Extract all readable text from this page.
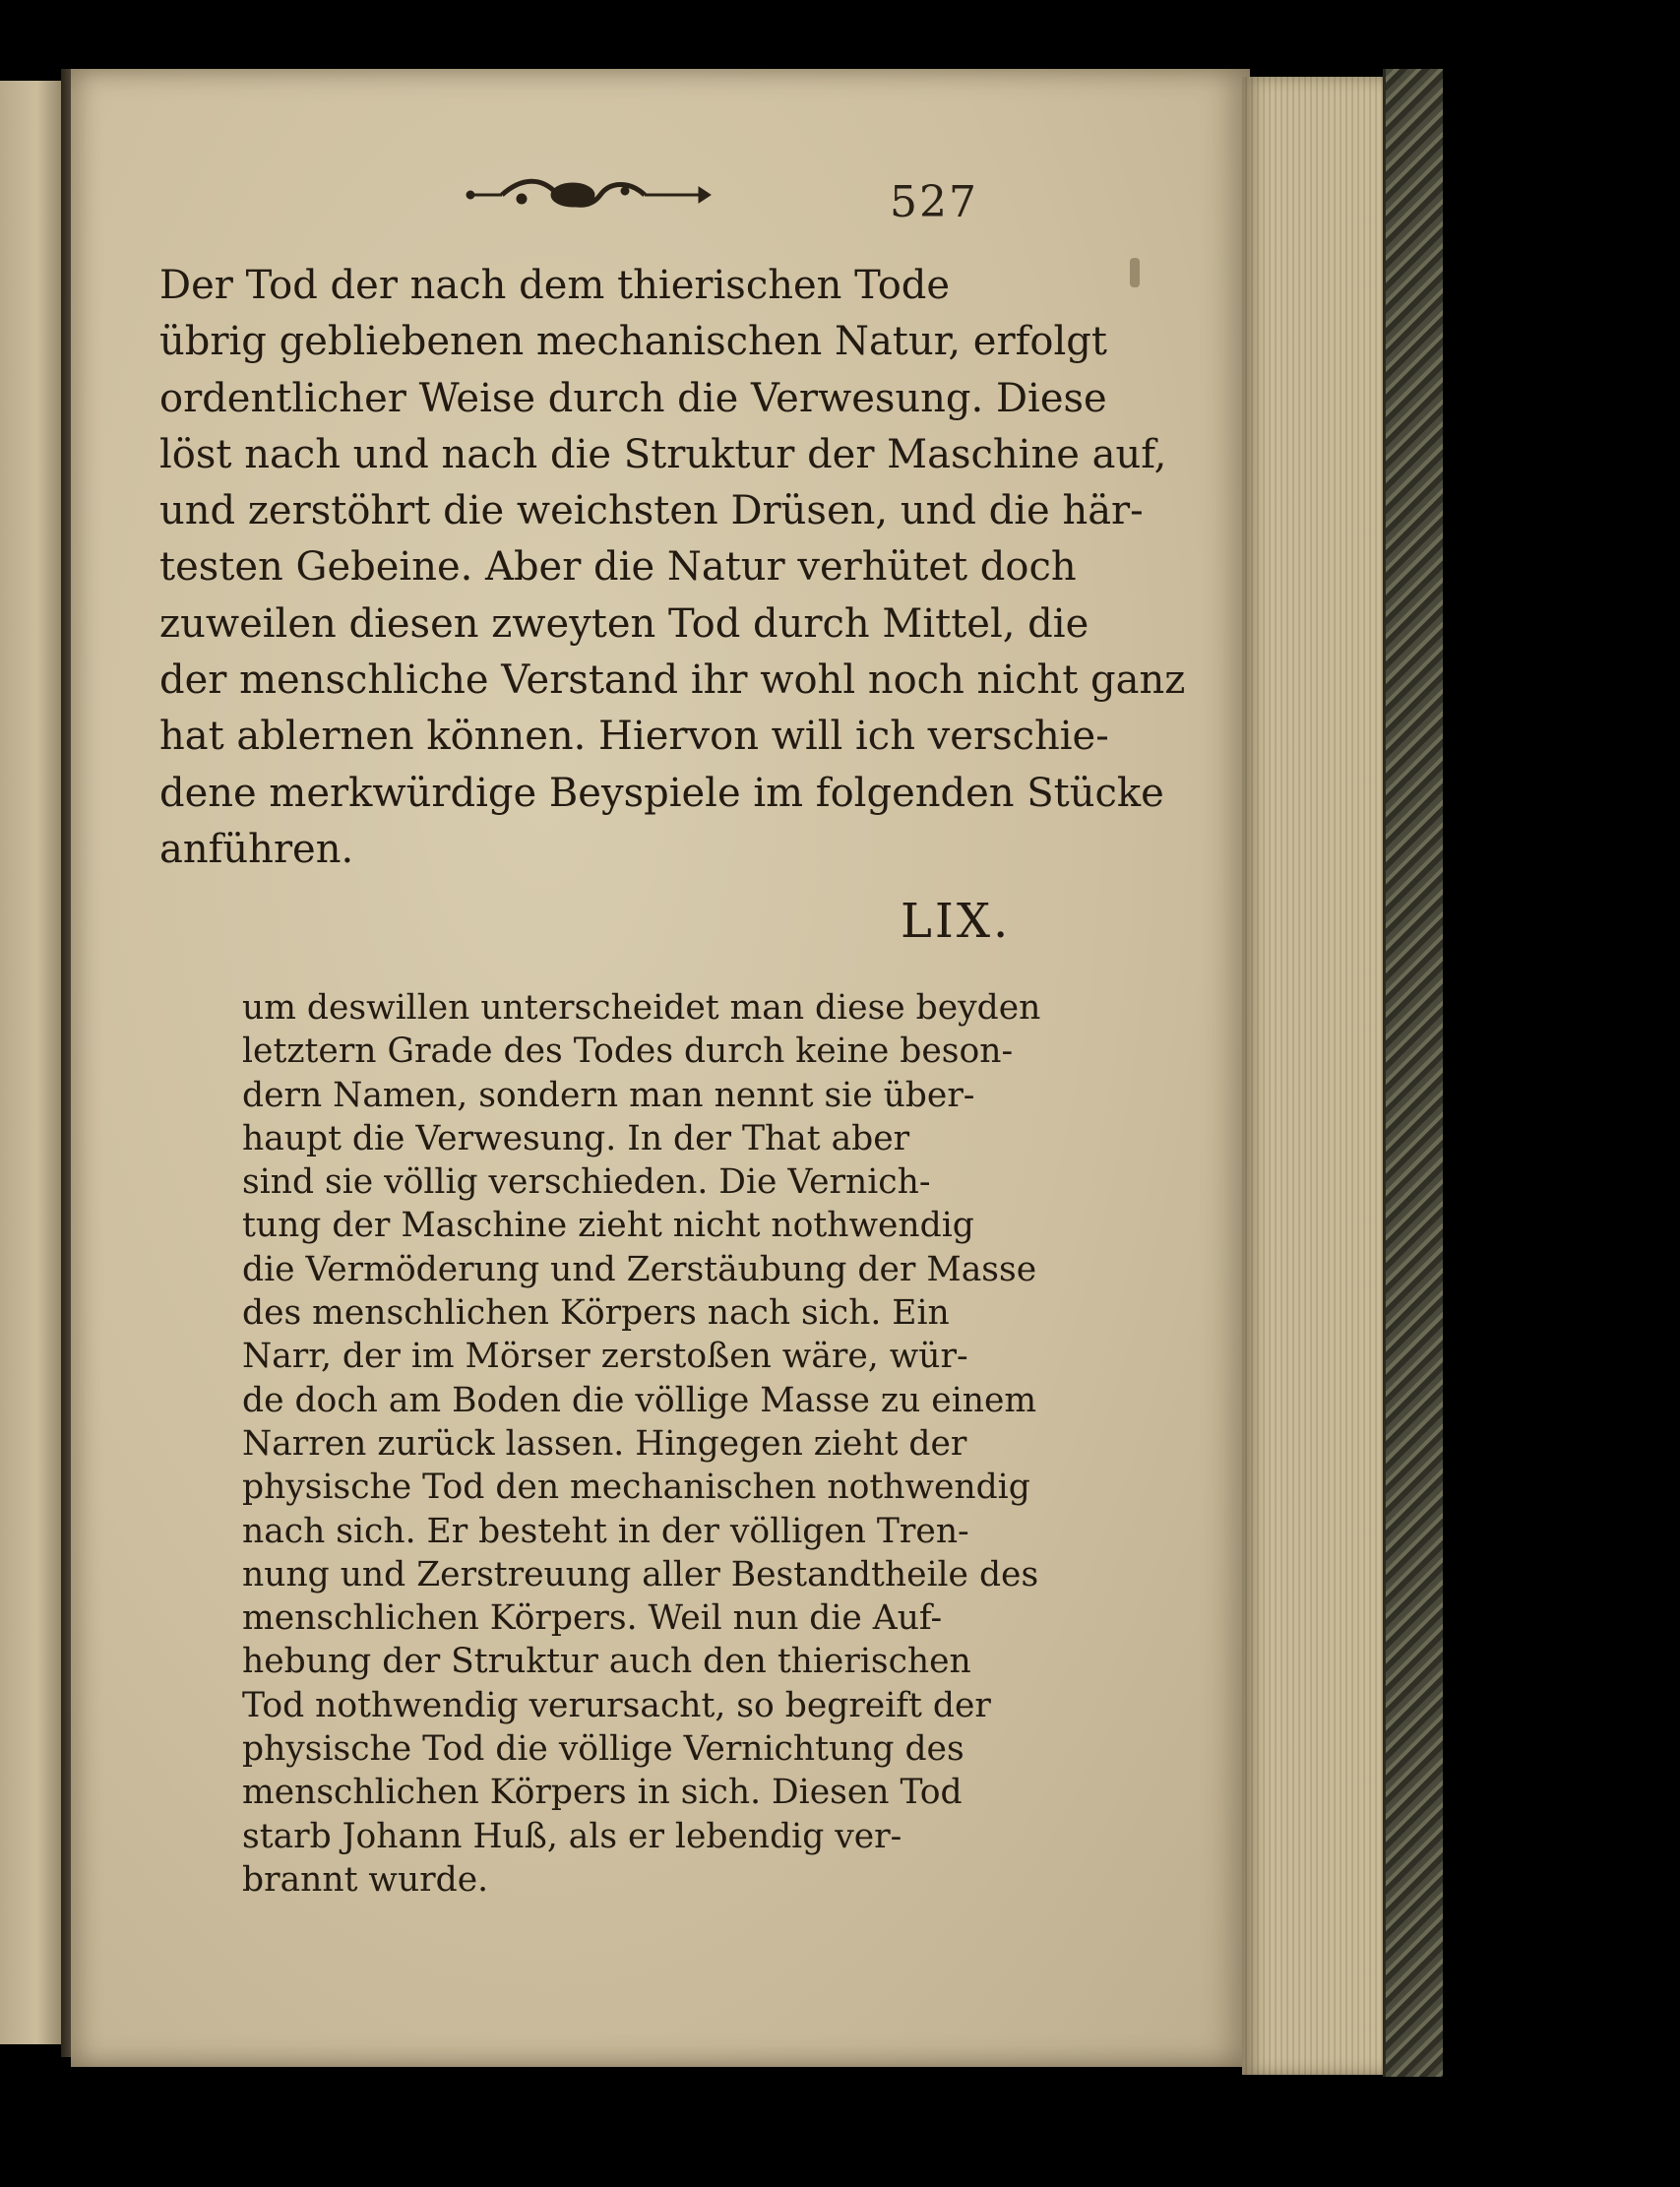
527
Der Tod der nach dem thierischen Tode
übrig gebliebenen mechanischen Natur, erfolgt
ordentlicher Weise durch die Verwesung. Diese
löst nach und nach die Struktur der Maschine auf,
und zerstöhrt die weichsten Drüsen, und die här-
testen Gebeine. Aber die Natur verhütet doch
zuweilen diesen zweyten Tod durch Mittel, die
der menschliche Verstand ihr wohl noch nicht ganz
hat ablernen können. Hiervon will ich verschie-
dene merkwürdige Beyspiele im folgenden Stücke
anführen.
LIX.
um deswillen unterscheidet man diese beyden
letztern Grade des Todes durch keine beson-
dern Namen, sondern man nennt sie über-
haupt die Verwesung. In der That aber
sind sie völlig verschieden. Die Vernich-
tung der Maschine zieht nicht nothwendig
die Vermöderung und Zerstäubung der Masse
des menschlichen Körpers nach sich. Ein
Narr, der im Mörser zerstoßen wäre, wür-
de doch am Boden die völlige Masse zu einem
Narren zurück lassen. Hingegen zieht der
physische Tod den mechanischen nothwendig
nach sich. Er besteht in der völligen Tren-
nung und Zerstreuung aller Bestandtheile des
menschlichen Körpers. Weil nun die Auf-
hebung der Struktur auch den thierischen
Tod nothwendig verursacht, so begreift der
physische Tod die völlige Vernichtung des
menschlichen Körpers in sich. Diesen Tod
starb Johann Huß, als er lebendig ver-
brannt wurde.
